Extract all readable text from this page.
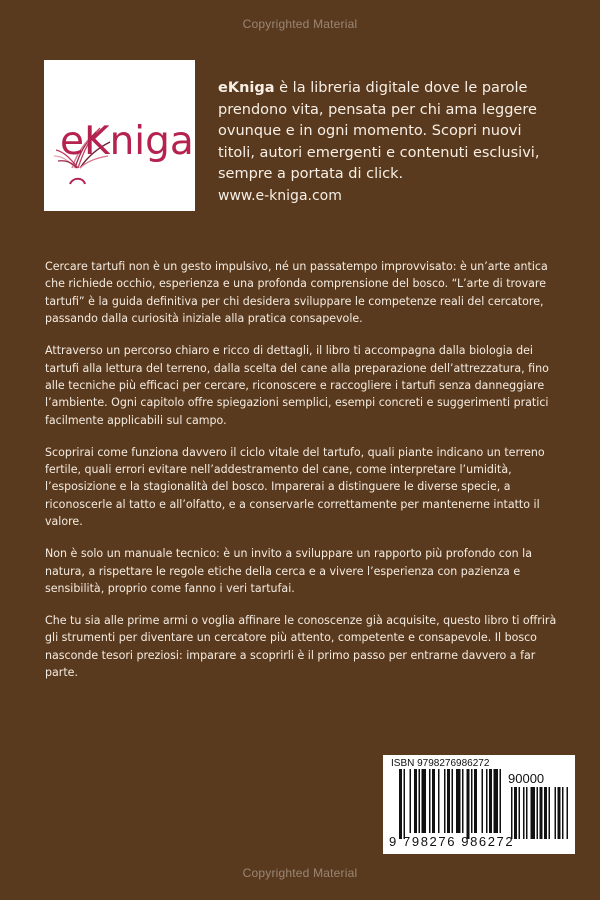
Copyrighted Material
eKniga
eKniga è la libreria digitale dove le parole prendono vita, pensata per chi ama leggere ovunque e in ogni momento. Scopri nuovi titoli, autori emergenti e contenuti esclusivi, sempre a portata di click.
www.e-kniga.com

Cercare tartufi non è un gesto impulsivo, né un passatempo improvvisato: è un’arte antica che richiede occhio, esperienza e una profonda comprensione del bosco. “L’arte di trovare tartufi” è la guida definitiva per chi desidera sviluppare le competenze reali del cercatore, passando dalla curiosità iniziale alla pratica consapevole.

Attraverso un percorso chiaro e ricco di dettagli, il libro ti accompagna dalla biologia dei tartufi alla lettura del terreno, dalla scelta del cane alla preparazione dell’attrezzatura, fino alle tecniche più efficaci per cercare, riconoscere e raccogliere i tartufi senza danneggiare l’ambiente. Ogni capitolo offre spiegazioni semplici, esempi concreti e suggerimenti pratici facilmente applicabili sul campo.

Scoprirai come funziona davvero il ciclo vitale del tartufo, quali piante indicano un terreno fertile, quali errori evitare nell’addestramento del cane, come interpretare l’umidità, l’esposizione e la stagionalità del bosco. Imparerai a distinguere le diverse specie, a riconoscerle al tatto e all’olfatto, e a conservarle correttamente per mantenerne intatto il valore.

Non è solo un manuale tecnico: è un invito a sviluppare un rapporto più profondo con la natura, a rispettare le regole etiche della cerca e a vivere l’esperienza con pazienza e sensibilità, proprio come fanno i veri tartufai.

Che tu sia alle prime armi o voglia affinare le conoscenze già acquisite, questo libro ti offrirà gli strumenti per diventare un cercatore più attento, competente e consapevole. Il bosco nasconde tesori preziosi: imparare a scoprirli è il primo passo per entrarne davvero a far parte.

ISBN 9798276986272
90000
9 798276 986272
Copyrighted Material
